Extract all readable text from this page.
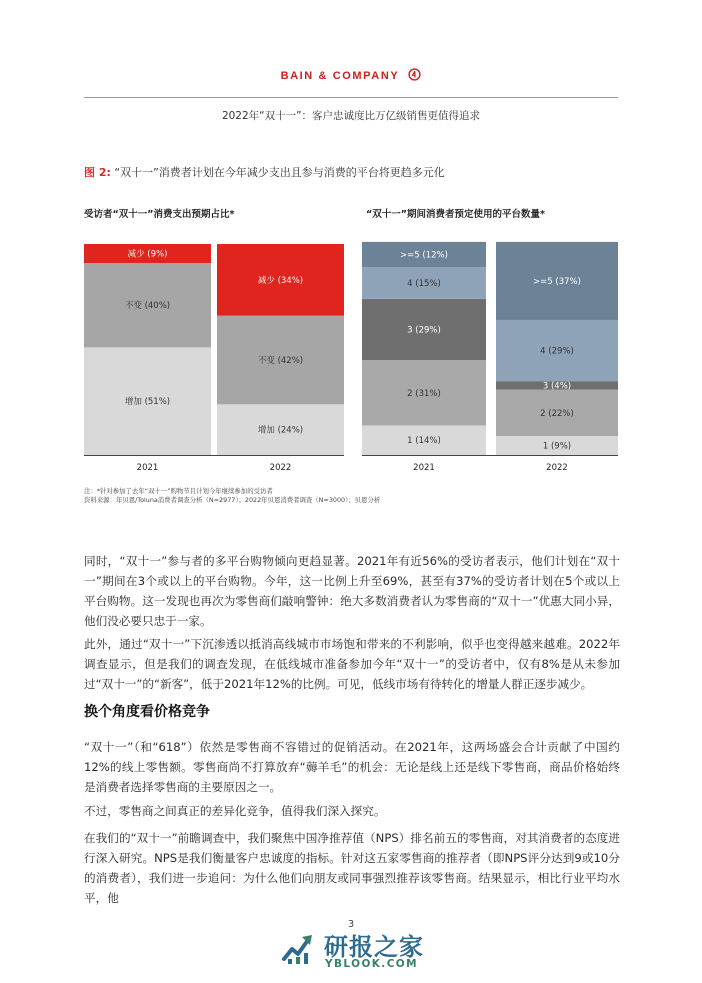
BAIN & COMPANY
2022年“双十一”：客户忠诚度比万亿级销售更值得追求
图 2: “双十一”消费者计划在今年减少支出且参与消费的平台将更趋多元化
受访者“双十一”消费支出预期占比*	“双十一”期间消费者预定使用的平台数量*
增加 (51%)
不变 (40%)
减少 (9%)
2021
增加 (24%)
不变 (42%)
减少 (34%)
2022
1 (14%)
2 (31%)
3 (29%)
4 (15%)
>=5 (12%)
2021
1 (9%)
2 (22%)
3 (4%)
4 (29%)
>=5 (37%)
2022
注：*针对参加了去年“双十一”购物节且计划今年继续参加的受访者
资料来源：年贝恩/Toluna消费者调查分析（N=2977）；2022年贝恩消费者调查（N=3000）；贝恩分析
同时，“双十一”参与者的多平台购物倾向更趋显著。2021年有近56%的受访者表示，他们计划在“双十一”期间在3个或以上的平台购物。今年，这一比例上升至69%，甚至有37%的受访者计划在5个或以上平台购物。这一发现也再次为零售商们敲响警钟：绝大多数消费者认为零售商的“双十一”优惠大同小异，他们没必要只忠于一家。
此外，通过“双十一”下沉渗透以抵消高线城市市场饱和带来的不利影响，似乎也变得越来越难。2022年调查显示，但是我们的调查发现，在低线城市准备参加今年“双十一”的受访者中，仅有8%是从未参加过“双十一”的“新客”，低于2021年12%的比例。可见，低线市场有待转化的增量人群正逐步减少。
换个角度看价格竞争
“双十一”（和“618”）依然是零售商不容错过的促销活动。在2021年，这两场盛会合计贡献了中国约12%的线上零售额。零售商尚不打算放弃“薅羊毛”的机会：无论是线上还是线下零售商，商品价格始终是消费者选择零售商的主要原因之一。
不过，零售商之间真正的差异化竞争，值得我们深入探究。
在我们的“双十一”前瞻调查中，我们聚焦中国净推荐值（NPS）排名前五的零售商，对其消费者的态度进行深入研究。NPS是我们衡量客户忠诚度的指标。针对这五家零售商的推荐者（即NPS评分达到9或10分的消费者），我们进一步追问：为什么他们向朋友或同事强烈推荐该零售商。结果显示，相比行业平均水平，他
3
研报之家
YBLOOK.COM
